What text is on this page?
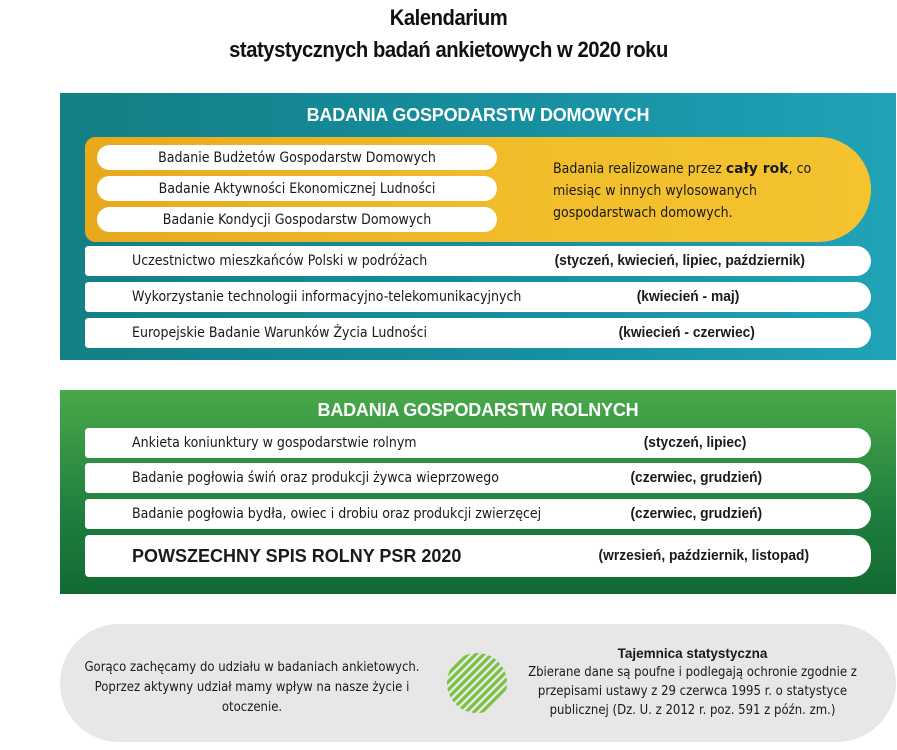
Kalendarium
statystycznych badań ankietowych w 2020 roku
BADANIA GOSPODARSTW DOMOWYCH
Badanie Budżetów Gospodarstw Domowych
Badanie Aktywności Ekonomicznej Ludności
Badanie Kondycji Gospodarstw Domowych
Badania realizowane przez cały rok, co miesiąc w innych wylosowanych gospodarstwach domowych.
Uczestnictwo mieszkańców Polski w podróżach	(styczeń, kwiecień, lipiec, październik)
Wykorzystanie technologii informacyjno-telekomunikacyjnych	(kwiecień - maj)
Europejskie Badanie Warunków Życia Ludności	(kwiecień - czerwiec)
BADANIA GOSPODARSTW ROLNYCH
Ankieta koniunktury w gospodarstwie rolnym	(styczeń, lipiec)
Badanie pogłowia świń oraz produkcji żywca wieprzowego	(czerwiec, grudzień)
Badanie pogłowia bydła, owiec i drobiu oraz produkcji zwierzęcej	(czerwiec, grudzień)
POWSZECHNY SPIS ROLNY PSR 2020	(wrzesień, październik, listopad)
Gorąco zachęcamy do udziału w badaniach ankietowych. Poprzez aktywny udział mamy wpływ na nasze życie i otoczenie.
Tajemnica statystyczna
Zbierane dane są poufne i podlegają ochronie zgodnie z przepisami ustawy z 29 czerwca 1995 r. o statystyce publicznej (Dz. U. z 2012 r. poz. 591 z późn. zm.)
